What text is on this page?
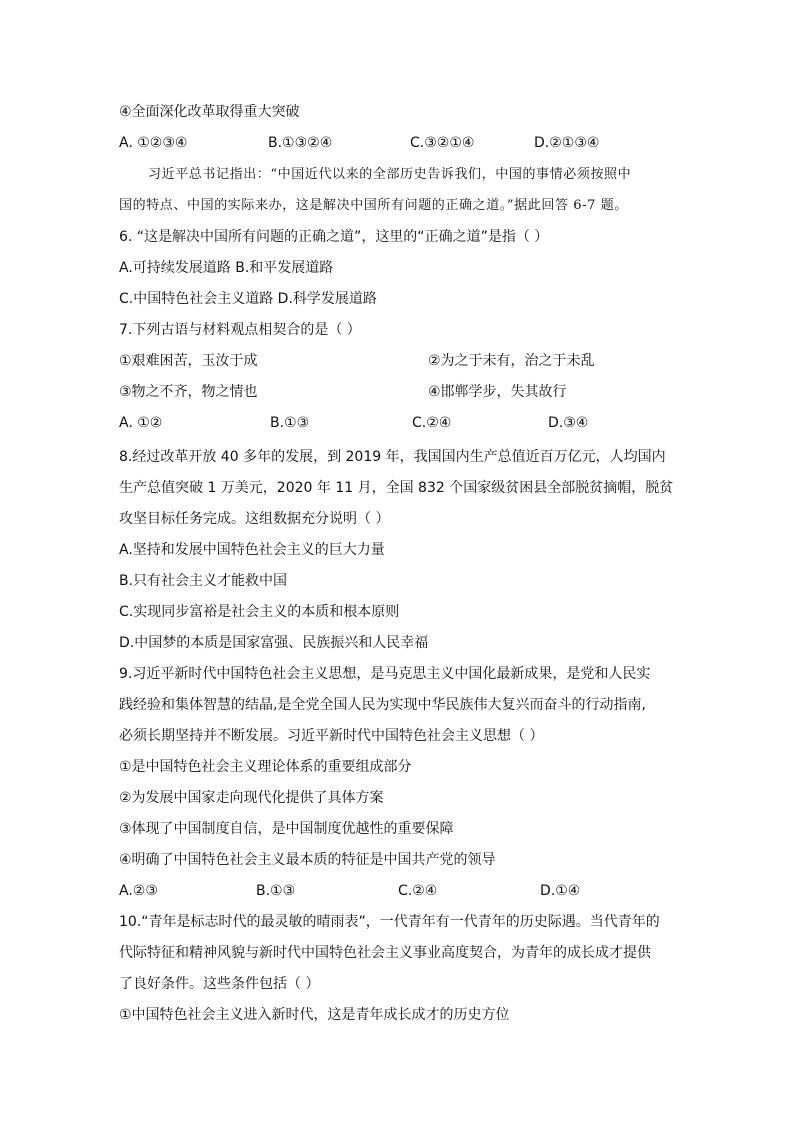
④全面深化改革取得重大突破
A. ①②③④	B.①③②④	C.③②①④	D.②①③④
习近平总书记指出：“中国近代以来的全部历史告诉我们，中国的事情必须按照中
国的特点、中国的实际来办，这是解决中国所有问题的正确之道。”据此回答 6-7 题。
6. “这是解决中国所有问题的正确之道”，这里的“正确之道”是指（ ）
A.可持续发展道路 B.和平发展道路
C.中国特色社会主义道路 D.科学发展道路
7.下列古语与材料观点相契合的是（ ）
①艰难困苦，玉汝于成	②为之于未有，治之于未乱
③物之不齐，物之情也	④邯郸学步，失其故行
A. ①②	B.①③	C.②④	D.③④
8.经过改革开放 40 多年的发展，到 2019 年，我国国内生产总值近百万亿元，人均国内
生产总值突破 1 万美元，2020 年 11 月，全国 832 个国家级贫困县全部脱贫摘帽，脱贫
攻坚目标任务完成。这组数据充分说明（ ）
A.坚持和发展中国特色社会主义的巨大力量
B.只有社会主义才能救中国
C.实现同步富裕是社会主义的本质和根本原则
D.中国梦的本质是国家富强、民族振兴和人民幸福
9.习近平新时代中国特色社会主义思想，是马克思主义中国化最新成果，是党和人民实
践经验和集体智慧的结晶,是全党全国人民为实现中华民族伟大复兴而奋斗的行动指南,
必须长期坚持并不断发展。习近平新时代中国特色社会主义思想（ ）
①是中国特色社会主义理论体系的重要组成部分
②为发展中国家走向现代化提供了具体方案
③体现了中国制度自信，是中国制度优越性的重要保障
④明确了中国特色社会主义最本质的特征是中国共产党的领导
A.②③	B.①③	C.②④	D.①④
10.“青年是标志时代的最灵敏的晴雨表”，一代青年有一代青年的历史际遇。当代青年的
代际特征和精神风貌与新时代中国特色社会主义事业高度契合，为青年的成长成才提供
了良好条件。这些条件包括（ ）
①中国特色社会主义进入新时代，这是青年成长成才的历史方位
